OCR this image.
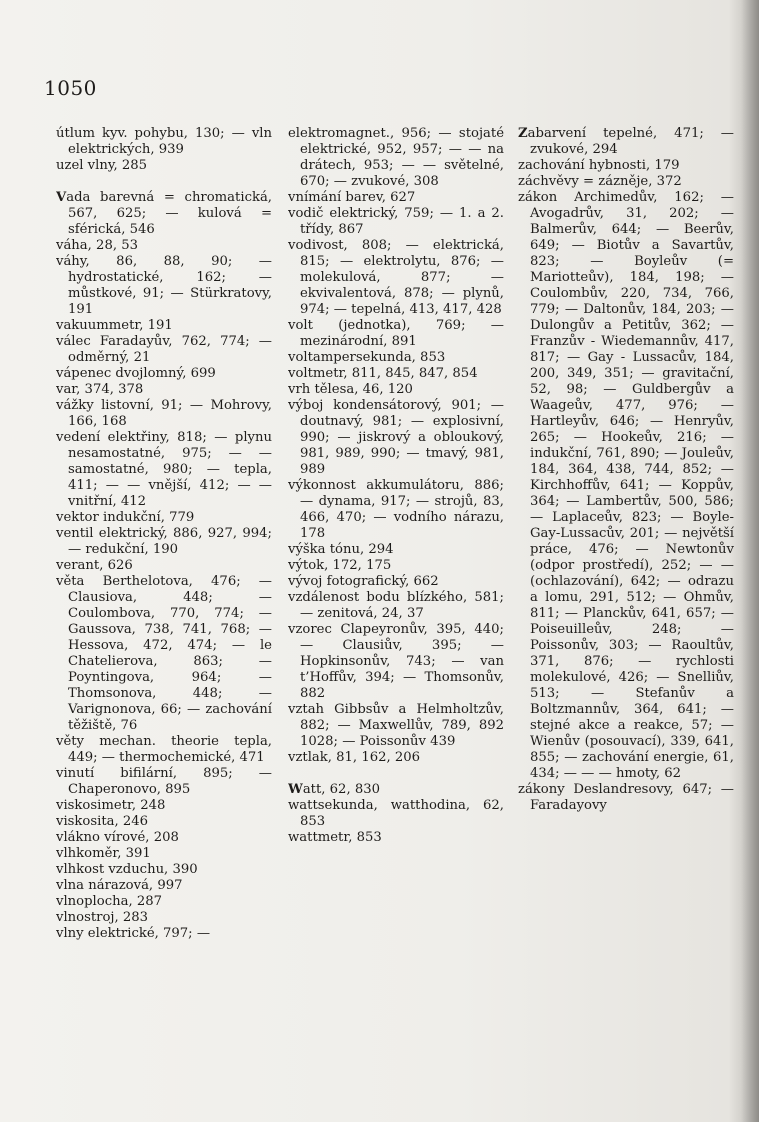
1050

útlum kyv. pohybu, 130; — vln elektrických, 939

uzel vlny, 285

Vada barevná = chromatická, 567, 625; — kulová = sférická, 546

váha, 28, 53

váhy, 86, 88, 90; — hydrostatické, 162; — můstkové, 91; — Stürkratovy, 191

vakuummetr, 191

válec Faradayův, 762, 774; — odměrný, 21

vápenec dvojlomný, 699

var, 374, 378

vážky listovní, 91; — Mohrovy, 166, 168

vedení elektřiny, 818; — plynu nesamostatné, 975; — — samostatné, 980; — tepla, 411; — — vnější, 412; — — vnitřní, 412

vektor indukční, 779

ventil elektrický, 886, 927, 994; — redukční, 190

verant, 626

věta Berthelotova, 476; — Clausiova, 448; — Coulombova, 770, 774; — Gaussova, 738, 741, 768; — Hessova, 472, 474; — le Chatelierova, 863; — Poyntingova, 964; — Thomsonova, 448; — Varignonova, 66; — zachování těžiště, 76

věty mechan. theorie tepla, 449; — thermochemické, 471

vinutí bifilární, 895; — Chaperonovo, 895

viskosimetr, 248

viskosita, 246

vlákno vírové, 208

vlhkoměr, 391

vlhkost vzduchu, 390

vlna nárazová, 997

vlnoplocha, 287

vlnostroj, 283

vlny elektrické, 797; —

elektromagnet., 956; — stojaté elektrické, 952, 957; — — na drátech, 953; — — světelné, 670; — zvukové, 308

vnímání barev, 627

vodič elektrický, 759; — 1. a 2. třídy, 867

vodivost, 808; — elektrická, 815; — elektrolytu, 876; — molekulová, 877; — ekvivalentová, 878; — plynů, 974; — tepelná, 413, 417, 428

volt (jednotka), 769; — mezinárodní, 891

voltampersekunda, 853

voltmetr, 811, 845, 847, 854

vrh tělesa, 46, 120

výboj kondensátorový, 901; — doutnavý, 981; — explosivní, 990; — jiskrový a obloukový, 981, 989, 990; — tmavý, 981, 989

výkonnost akkumulátoru, 886; — dynama, 917; — strojů, 83, 466, 470; — vodního nárazu, 178

výška tónu, 294

výtok, 172, 175

vývoj fotografický, 662

vzdálenost bodu blízkého, 581; — zenitová, 24, 37

vzorec Clapeyronův, 395, 440; — Clausiův, 395; — Hopkinsonův, 743; — van t’Hoffův, 394; — Thomsonův, 882

vztah Gibbsův a Helmholtzův, 882; — Maxwellův, 789, 892 1028; — Poissonův 439

vztlak, 81, 162, 206

Watt, 62, 830

wattsekunda, watthodina, 62, 853

wattmetr, 853

Zabarvení tepelné, 471; — zvukové, 294

zachování hybnosti, 179

záchvěvy = zázněje, 372

zákon Archimedův, 162; — Avogadrův, 31, 202; — Balmerův, 644; — Beerův, 649; — Biotův a Savartův, 823; — Boyleův (= Mariotteův), 184, 198; — Coulombův, 220, 734, 766, 779; — Daltonův, 184, 203; — Dulongův a Petitův, 362; — Franzův - Wiedemannův, 417, 817; — Gay - Lussacův, 184, 200, 349, 351; — gravitační, 52, 98; — Guldbergův a Waageův, 477, 976; — Hartleyův, 646; — Henryův, 265; — Hookeův, 216; — indukční, 761, 890; — Jouleův, 184, 364, 438, 744, 852; — Kirchhoffův, 641; — Koppův, 364; — Lambertův, 500, 586; — Laplaceův, 823; — Boyle-Gay-Lussacův, 201; — největší práce, 476; — Newtonův (odpor prostředí), 252; — — (ochlazování), 642; — odrazu a lomu, 291, 512; — Ohmův, 811; — Planckův, 641, 657; — Poiseuilleův, 248; — Poissonův, 303; — Raoultův, 371, 876; — rychlosti molekulové, 426; — Snelliův, 513; — Stefanův a Boltzmannův, 364, 641; — stejné akce a reakce, 57; — Wienův (posouvací), 339, 641, 855; — zachování energie, 61, 434; — — — hmoty, 62

zákony Deslandresovy, 647; — Faradayovy
